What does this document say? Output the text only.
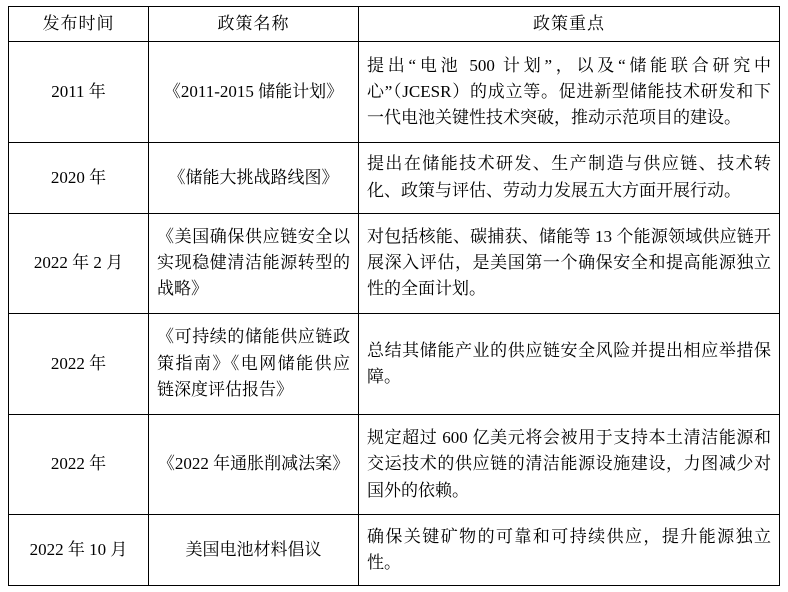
发布时间	政策名称	政策重点
2011 年	《2011-2015 储能计划》	提出“电池 500 计划”，以及“储能联合研究中心”（JCESR）的成立等。促进新型储能技术研发和下一代电池关键性技术突破，推动示范项目的建设。
2020 年	《储能大挑战路线图》	提出在储能技术研发、生产制造与供应链、技术转化、政策与评估、劳动力发展五大方面开展行动。
2022 年 2 月	《美国确保供应链安全以实现稳健清洁能源转型的战略》	对包括核能、碳捕获、储能等 13 个能源领域供应链开展深入评估，是美国第一个确保安全和提高能源独立性的全面计划。
2022 年	《可持续的储能供应链政策指南》《电网储能供应链深度评估报告》	总结其储能产业的供应链安全风险并提出相应举措保障。
2022 年	《2022 年通胀削减法案》	规定超过 600 亿美元将会被用于支持本土清洁能源和交运技术的供应链的清洁能源设施建设，力图减少对国外的依赖。
2022 年 10 月	美国电池材料倡议	确保关键矿物的可靠和可持续供应，提升能源独立性。
